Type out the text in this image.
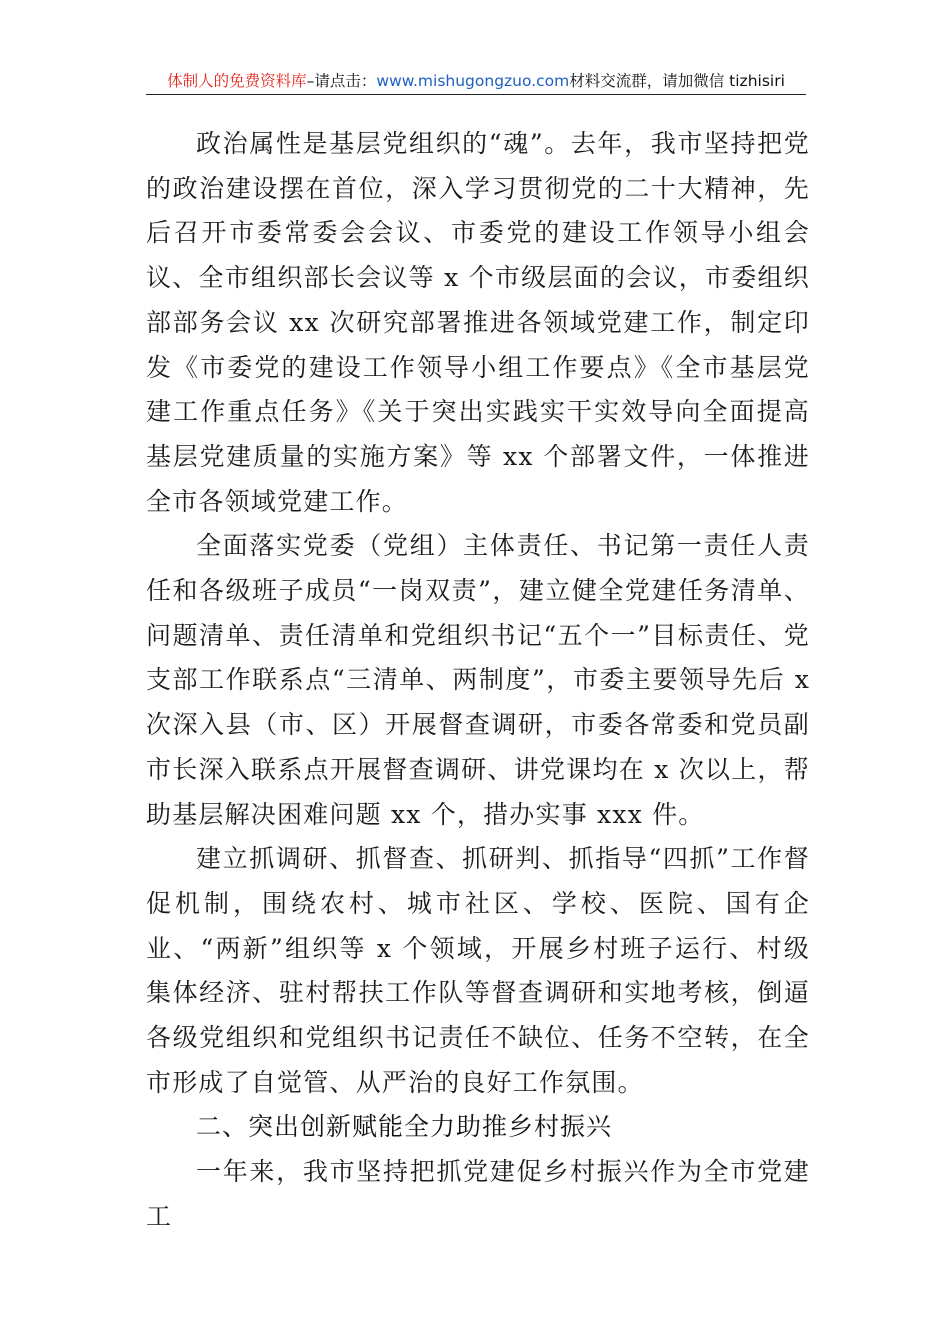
体制人的免费资料库–请点击：www.mishugongzuo.com材料交流群，请加微信 tizhisiri

政治属性是基层党组织的“魂”。去年，我市坚持把党的政治建设摆在首位，深入学习贯彻党的二十大精神，先后召开市委常委会会议、市委党的建设工作领导小组会议、全市组织部长会议等 x 个市级层面的会议，市委组织部部务会议 xx 次研究部署推进各领域党建工作，制定印发《市委党的建设工作领导小组工作要点》《全市基层党建工作重点任务》《关于突出实践实干实效导向全面提高基层党建质量的实施方案》等 xx 个部署文件，一体推进全市各领域党建工作。

全面落实党委（党组）主体责任、书记第一责任人责任和各级班子成员“一岗双责”，建立健全党建任务清单、问题清单、责任清单和党组织书记“五个一”目标责任、党支部工作联系点“三清单、两制度”，市委主要领导先后 x 次深入县（市、区）开展督查调研，市委各常委和党员副市长深入联系点开展督查调研、讲党课均在 x 次以上，帮助基层解决困难问题 xx 个，措办实事 xxx 件。

建立抓调研、抓督查、抓研判、抓指导“四抓”工作督促机制，围绕农村、城市社区、学校、医院、国有企业、“两新”组织等 x 个领域，开展乡村班子运行、村级集体经济、驻村帮扶工作队等督查调研和实地考核，倒逼各级党组织和党组织书记责任不缺位、任务不空转，在全市形成了自觉管、从严治的良好工作氛围。

二、突出创新赋能全力助推乡村振兴

一年来，我市坚持把抓党建促乡村振兴作为全市党建工
